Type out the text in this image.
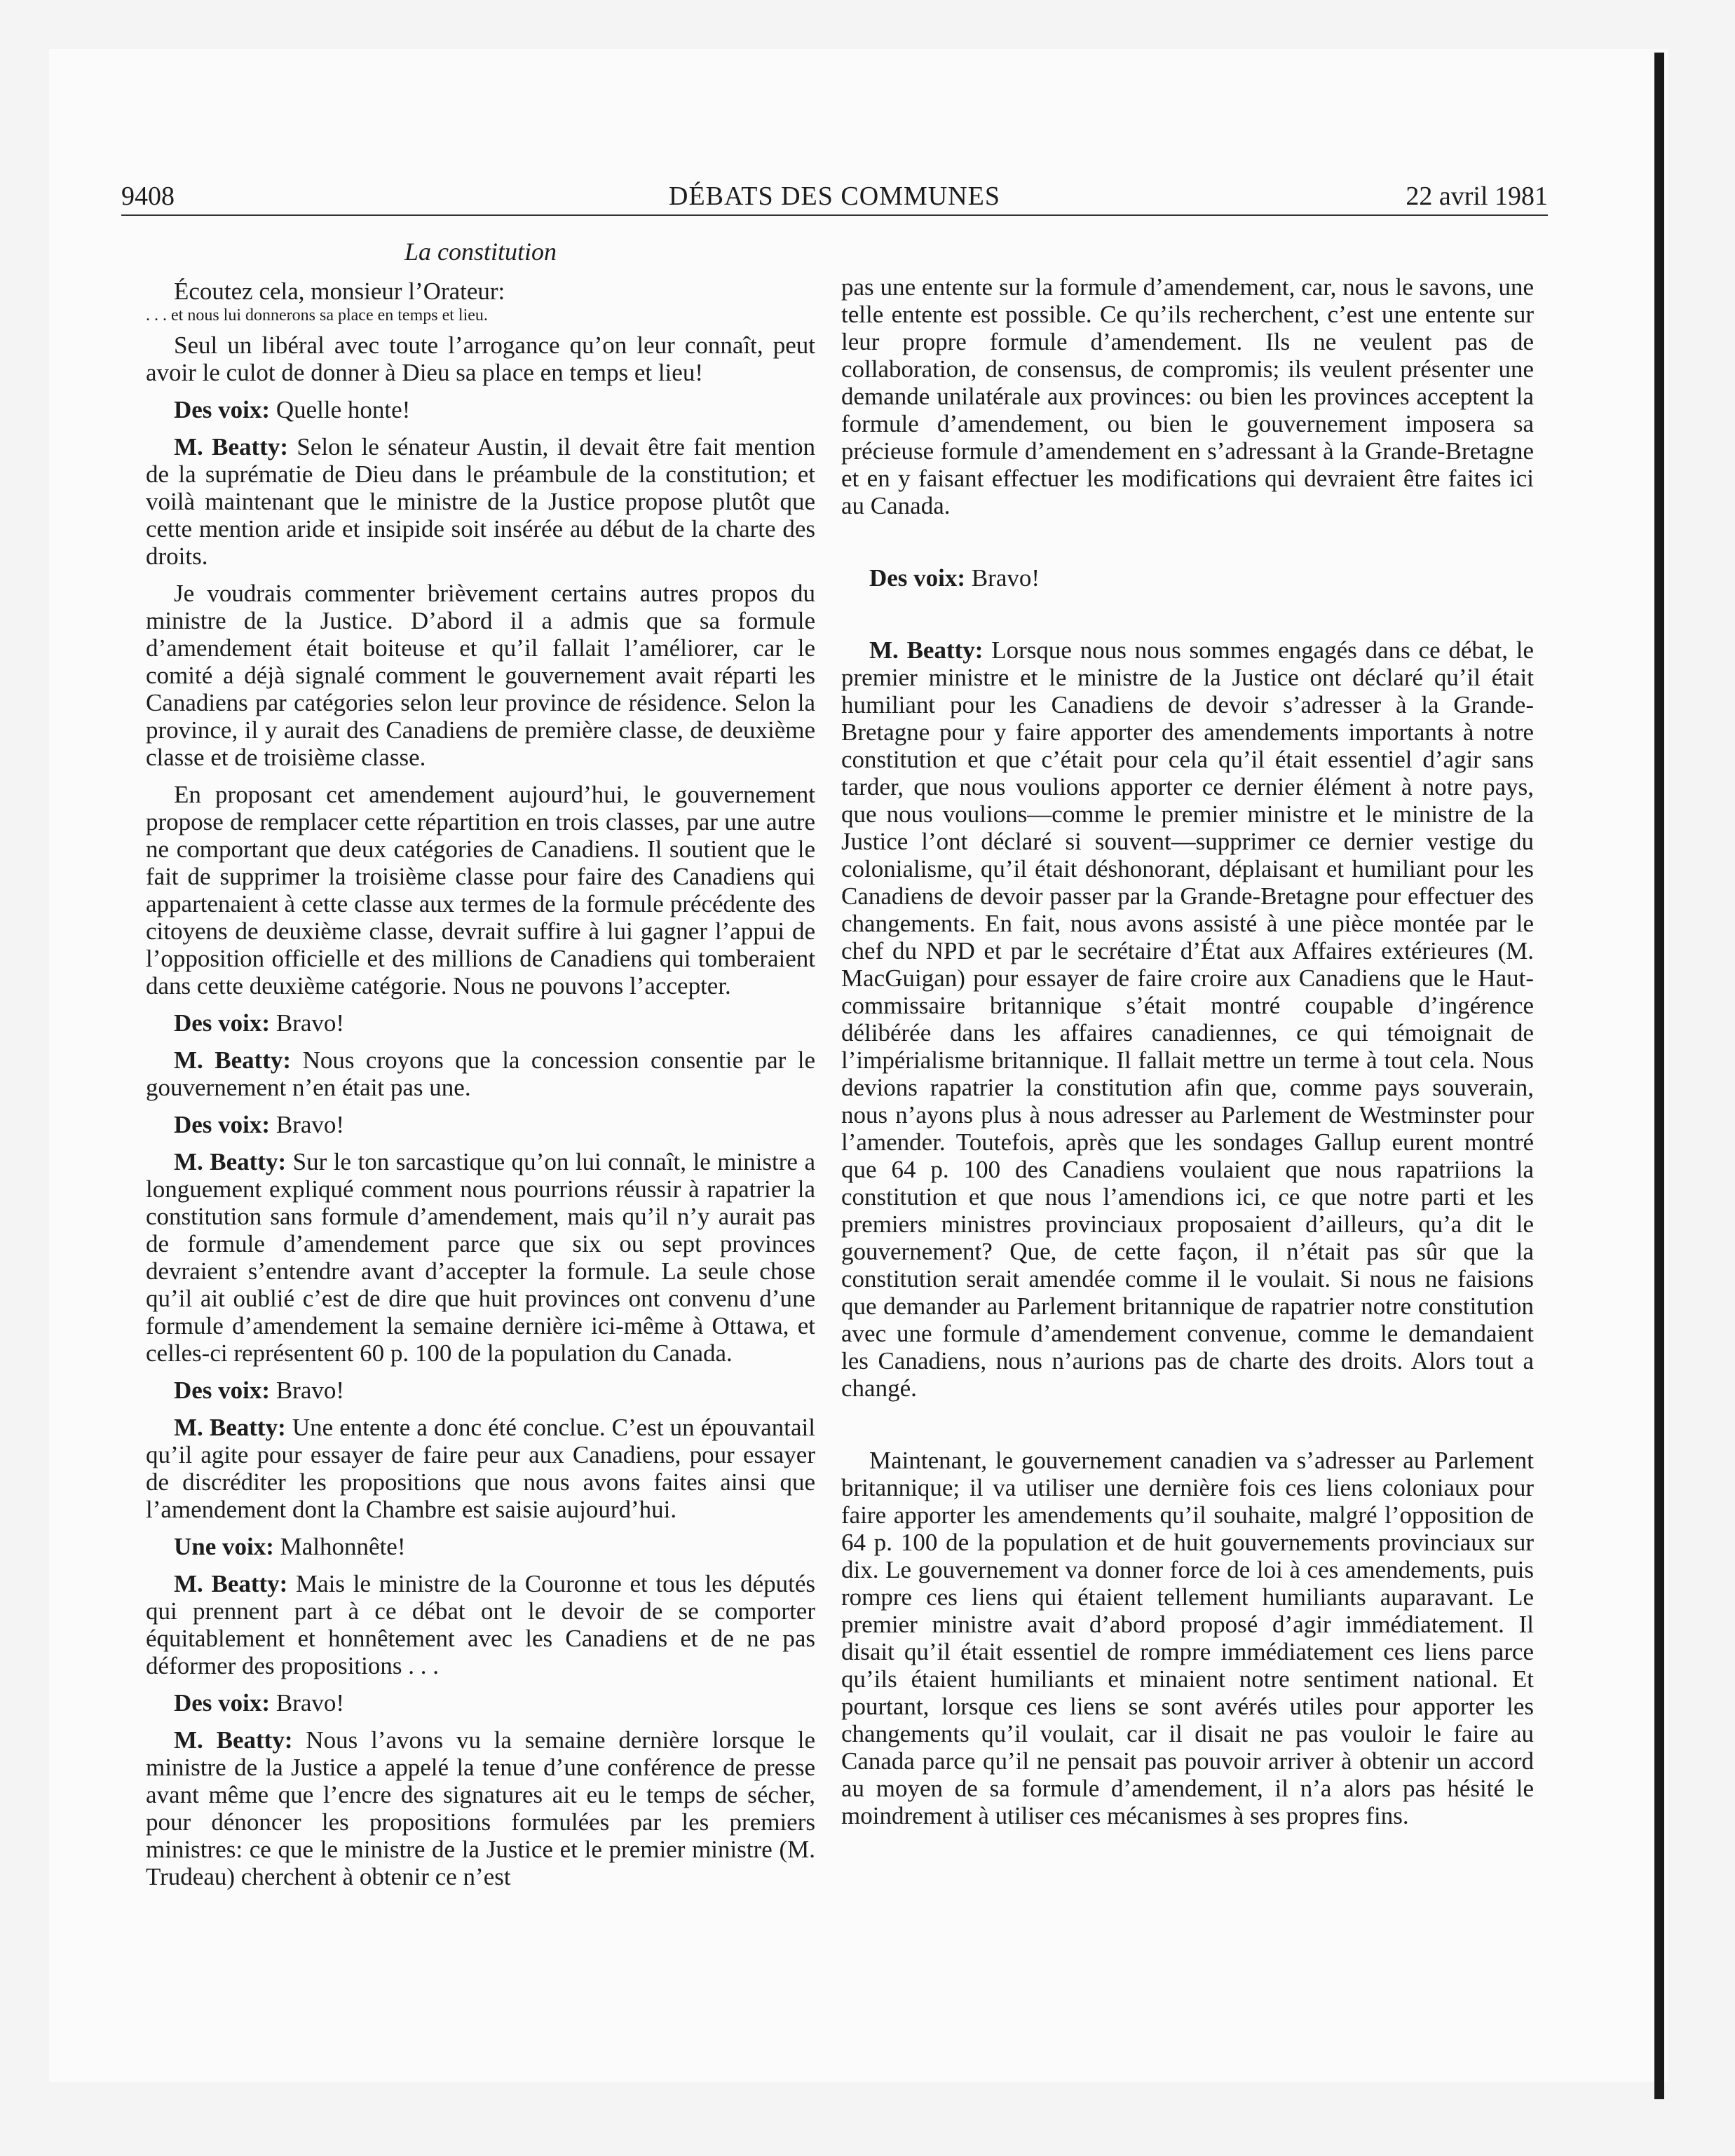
9408	DÉBATS DES COMMUNES	22 avril 1981

La constitution

Écoutez cela, monsieur l’Orateur:

. . . et nous lui donnerons sa place en temps et lieu.

Seul un libéral avec toute l’arrogance qu’on leur connaît, peut avoir le culot de donner à Dieu sa place en temps et lieu!

Des voix: Quelle honte!

M. Beatty: Selon le sénateur Austin, il devait être fait mention de la suprématie de Dieu dans le préambule de la constitution; et voilà maintenant que le ministre de la Justice propose plutôt que cette mention aride et insipide soit insérée au début de la charte des droits.

Je voudrais commenter brièvement certains autres propos du ministre de la Justice. D’abord il a admis que sa formule d’amendement était boiteuse et qu’il fallait l’améliorer, car le comité a déjà signalé comment le gouvernement avait réparti les Canadiens par catégories selon leur province de résidence. Selon la province, il y aurait des Canadiens de première classe, de deuxième classe et de troisième classe.

En proposant cet amendement aujourd’hui, le gouvernement propose de remplacer cette répartition en trois classes, par une autre ne comportant que deux catégories de Canadiens. Il soutient que le fait de supprimer la troisième classe pour faire des Canadiens qui appartenaient à cette classe aux termes de la formule précédente des citoyens de deuxième classe, devrait suffire à lui gagner l’appui de l’opposition officielle et des millions de Canadiens qui tomberaient dans cette deuxième catégorie. Nous ne pouvons l’accepter.

Des voix: Bravo!

M. Beatty: Nous croyons que la concession consentie par le gouvernement n’en était pas une.

Des voix: Bravo!

M. Beatty: Sur le ton sarcastique qu’on lui connaît, le ministre a longuement expliqué comment nous pourrions réussir à rapatrier la constitution sans formule d’amendement, mais qu’il n’y aurait pas de formule d’amendement parce que six ou sept provinces devraient s’entendre avant d’accepter la formule. La seule chose qu’il ait oublié c’est de dire que huit provinces ont convenu d’une formule d’amendement la semaine dernière ici-même à Ottawa, et celles-ci représentent 60 p. 100 de la population du Canada.

Des voix: Bravo!

M. Beatty: Une entente a donc été conclue. C’est un épouvantail qu’il agite pour essayer de faire peur aux Canadiens, pour essayer de discréditer les propositions que nous avons faites ainsi que l’amendement dont la Chambre est saisie aujourd’hui.

Une voix: Malhonnête!

M. Beatty: Mais le ministre de la Couronne et tous les députés qui prennent part à ce débat ont le devoir de se comporter équitablement et honnêtement avec les Canadiens et de ne pas déformer des propositions . . .

Des voix: Bravo!

M. Beatty: Nous l’avons vu la semaine dernière lorsque le ministre de la Justice a appelé la tenue d’une conférence de presse avant même que l’encre des signatures ait eu le temps de sécher, pour dénoncer les propositions formulées par les premiers ministres: ce que le ministre de la Justice et le premier ministre (M. Trudeau) cherchent à obtenir ce n’est

pas une entente sur la formule d’amendement, car, nous le savons, une telle entente est possible. Ce qu’ils recherchent, c’est une entente sur leur propre formule d’amendement. Ils ne veulent pas de collaboration, de consensus, de compromis; ils veulent présenter une demande unilatérale aux provinces: ou bien les provinces acceptent la formule d’amendement, ou bien le gouvernement imposera sa précieuse formule d’amendement en s’adressant à la Grande-Bretagne et en y faisant effectuer les modifications qui devraient être faites ici au Canada.

Des voix: Bravo!

M. Beatty: Lorsque nous nous sommes engagés dans ce débat, le premier ministre et le ministre de la Justice ont déclaré qu’il était humiliant pour les Canadiens de devoir s’adresser à la Grande-Bretagne pour y faire apporter des amendements importants à notre constitution et que c’était pour cela qu’il était essentiel d’agir sans tarder, que nous voulions apporter ce dernier élément à notre pays, que nous voulions—comme le premier ministre et le ministre de la Justice l’ont déclaré si souvent—supprimer ce dernier vestige du colonialisme, qu’il était déshonorant, déplaisant et humiliant pour les Canadiens de devoir passer par la Grande-Bretagne pour effectuer des changements. En fait, nous avons assisté à une pièce montée par le chef du NPD et par le secrétaire d’État aux Affaires extérieures (M. MacGuigan) pour essayer de faire croire aux Canadiens que le Haut-commissaire britannique s’était montré coupable d’ingérence délibérée dans les affaires canadiennes, ce qui témoignait de l’impérialisme britannique. Il fallait mettre un terme à tout cela. Nous devions rapatrier la constitution afin que, comme pays souverain, nous n’ayons plus à nous adresser au Parlement de Westminster pour l’amender. Toutefois, après que les sondages Gallup eurent montré que 64 p. 100 des Canadiens voulaient que nous rapatriions la constitution et que nous l’amendions ici, ce que notre parti et les premiers ministres provinciaux proposaient d’ailleurs, qu’a dit le gouvernement? Que, de cette façon, il n’était pas sûr que la constitution serait amendée comme il le voulait. Si nous ne faisions que demander au Parlement britannique de rapatrier notre constitution avec une formule d’amendement convenue, comme le demandaient les Canadiens, nous n’aurions pas de charte des droits. Alors tout a changé.

Maintenant, le gouvernement canadien va s’adresser au Parlement britannique; il va utiliser une dernière fois ces liens coloniaux pour faire apporter les amendements qu’il souhaite, malgré l’opposition de 64 p. 100 de la population et de huit gouvernements provinciaux sur dix. Le gouvernement va donner force de loi à ces amendements, puis rompre ces liens qui étaient tellement humiliants auparavant. Le premier ministre avait d’abord proposé d’agir immédiatement. Il disait qu’il était essentiel de rompre immédiatement ces liens parce qu’ils étaient humiliants et minaient notre sentiment national. Et pourtant, lorsque ces liens se sont avérés utiles pour apporter les changements qu’il voulait, car il disait ne pas vouloir le faire au Canada parce qu’il ne pensait pas pouvoir arriver à obtenir un accord au moyen de sa formule d’amendement, il n’a alors pas hésité le moindrement à utiliser ces mécanismes à ses propres fins.
